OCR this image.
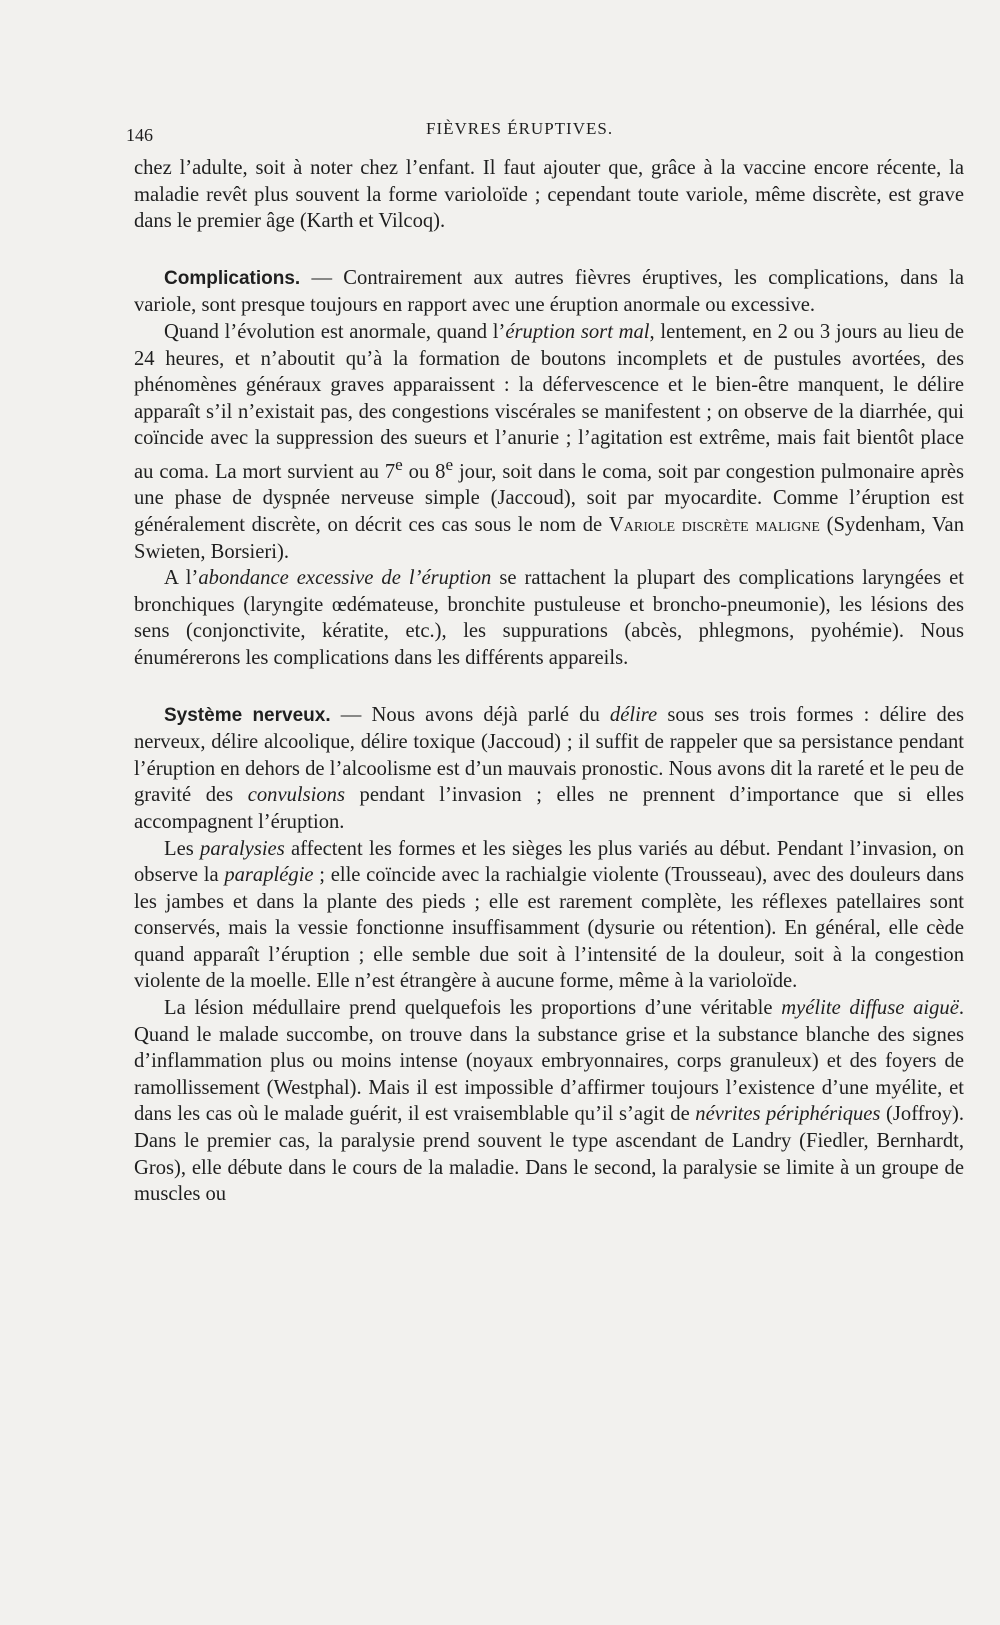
146	FIÈVRES ÉRUPTIVES.

chez l’adulte, soit à noter chez l’enfant. Il faut ajouter que, grâce à la vaccine encore récente, la maladie revêt plus souvent la forme varioloïde ; cependant toute variole, même discrète, est grave dans le premier âge (Karth et Vilcoq).

Complications. — Contrairement aux autres fièvres éruptives, les complications, dans la variole, sont presque toujours en rapport avec une éruption anormale ou excessive.

Quand l’évolution est anormale, quand l’éruption sort mal, lentement, en 2 ou 3 jours au lieu de 24 heures, et n’aboutit qu’à la formation de boutons incomplets et de pustules avortées, des phénomènes généraux graves apparaissent : la défervescence et le bien-être manquent, le délire apparaît s’il n’existait pas, des congestions viscérales se manifestent ; on observe de la diarrhée, qui coïncide avec la suppression des sueurs et l’anurie ; l’agitation est extrême, mais fait bientôt place au coma. La mort survient au 7e ou 8e jour, soit dans le coma, soit par congestion pulmonaire après une phase de dyspnée nerveuse simple (Jaccoud), soit par myocardite. Comme l’éruption est généralement discrète, on décrit ces cas sous le nom de Variole discrète maligne (Sydenham, Van Swieten, Borsieri).

A l’abondance excessive de l’éruption se rattachent la plupart des complications laryngées et bronchiques (laryngite œdémateuse, bronchite pustuleuse et broncho-pneumonie), les lésions des sens (conjonctivite, kératite, etc.), les suppurations (abcès, phlegmons, pyohémie). Nous énumérerons les complications dans les différents appareils.

Système nerveux. — Nous avons déjà parlé du délire sous ses trois formes : délire des nerveux, délire alcoolique, délire toxique (Jaccoud) ; il suffit de rappeler que sa persistance pendant l’éruption en dehors de l’alcoolisme est d’un mauvais pronostic. Nous avons dit la rareté et le peu de gravité des convulsions pendant l’invasion ; elles ne prennent d’importance que si elles accompagnent l’éruption.

Les paralysies affectent les formes et les sièges les plus variés au début. Pendant l’invasion, on observe la paraplégie ; elle coïncide avec la rachialgie violente (Trousseau), avec des douleurs dans les jambes et dans la plante des pieds ; elle est rarement complète, les réflexes patellaires sont conservés, mais la vessie fonctionne insuffisamment (dysurie ou rétention). En général, elle cède quand apparaît l’éruption ; elle semble due soit à l’intensité de la douleur, soit à la congestion violente de la moelle. Elle n’est étrangère à aucune forme, même à la varioloïde.

La lésion médullaire prend quelquefois les proportions d’une véritable myélite diffuse aiguë. Quand le malade succombe, on trouve dans la substance grise et la substance blanche des signes d’inflammation plus ou moins intense (noyaux embryonnaires, corps granuleux) et des foyers de ramollissement (Westphal). Mais il est impossible d’affirmer toujours l’existence d’une myélite, et dans les cas où le malade guérit, il est vraisemblable qu’il s’agit de névrites périphériques (Joffroy). Dans le premier cas, la paralysie prend souvent le type ascendant de Landry (Fiedler, Bernhardt, Gros), elle débute dans le cours de la maladie. Dans le second, la paralysie se limite à un groupe de muscles ou
